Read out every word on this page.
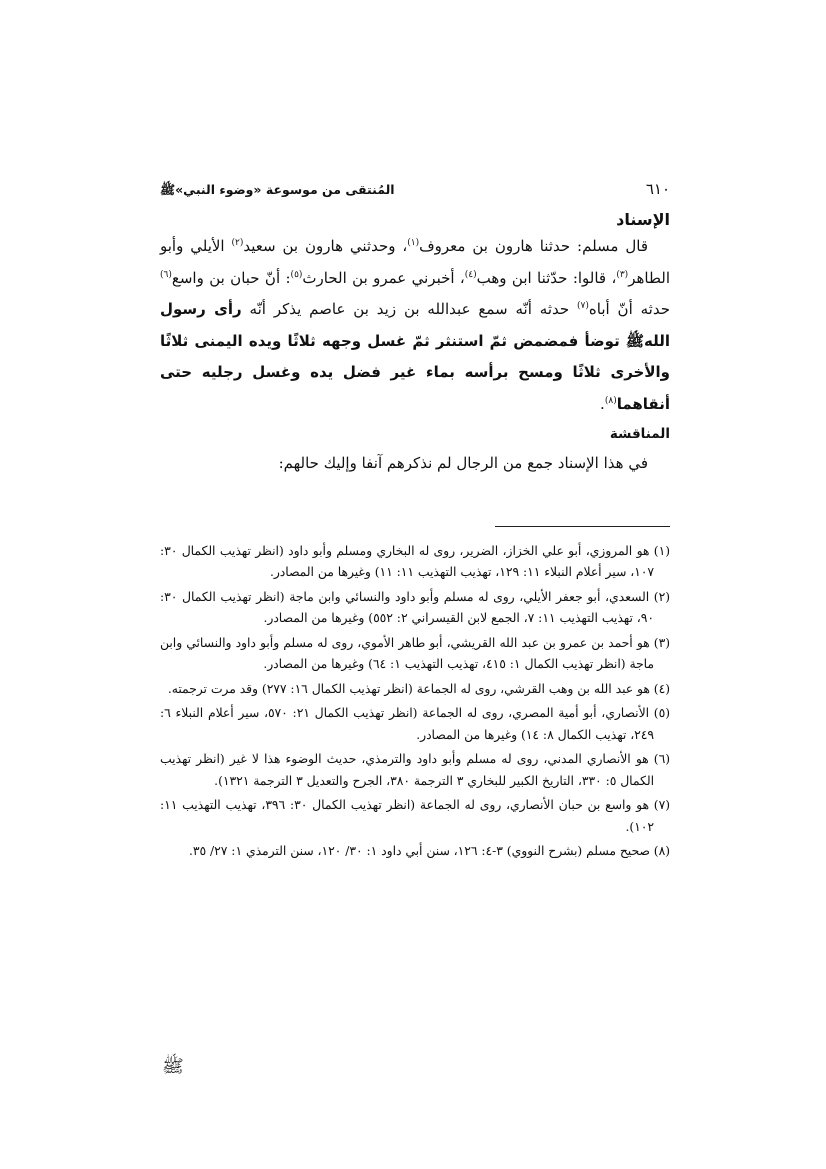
٦١٠
المُنتقى من موسوعة «وضوء النبي»ﷺ
الإسناد

قال مسلم: حدثنا هارون بن معروف$^{(١)}$، وحدثني هارون بن سعيد$^{(٢)}$ الأيلي وأبو الطاهر$^{(٣)}$، قالوا: حدّثنا ابن وهب$^{(٤)}$، أخبرني عمرو بن الحارث$^{(٥)}$: أنّ حبان بن واسع$^{(٦)}$ حدثه أنّ أباه$^{(٧)}$ حدثه أنّه سمع عبدالله بن زيد بن عاصم يذكر أنّه رأى رسول اللهﷺ توضأ فمضمض ثمّ استنثر ثمّ غسل وجهه ثلاثًا ويده اليمنى ثلاثًا والأخرى ثلاثًا ومسح برأسه بماء غير فضل يده وغسل رجليه حتى أنقاهما$^{(٨)}$.

المناقشة

في هذا الإسناد جمع من الرجال لم نذكرهم آنفا وإليك حالهم:

(١) هو المروزي، أبو علي الخزاز، الضرير، روى له البخاري ومسلم وأبو داود (انظر تهذيب الكمال ٣٠: ١٠٧، سير أعلام النبلاء ١١: ١٢٩، تهذيب التهذيب ١١: ١١) وغيرها من المصادر.

(٢) السعدي، أبو جعفر الأيلي، روى له مسلم وأبو داود والنسائي وابن ماجة (انظر تهذيب الكمال ٣٠: ٩٠، تهذيب التهذيب ١١: ٧، الجمع لابن القيسراني ٢: ٥٥٢) وغيرها من المصادر.

(٣) هو أحمد بن عمرو بن عبد الله القريشي، أبو طاهر الأموي، روى له مسلم وأبو داود والنسائي وابن ماجة (انظر تهذيب الكمال ١: ٤١٥، تهذيب التهذيب ١: ٦٤) وغيرها من المصادر.

(٤) هو عبد الله بن وهب القرشي، روى له الجماعة (انظر تهذيب الكمال ١٦: ٢٧٧) وقد مرت ترجمته.

(٥) الأنصاري، أبو أمية المصري، روى له الجماعة (انظر تهذيب الكمال ٢١: ٥٧٠، سير أعلام النبلاء ٦: ٢٤٩، تهذيب الكمال ٨: ١٤) وغيرها من المصادر.

(٦) هو الأنصاري المدني، روى له مسلم وأبو داود والترمذي، حديث الوضوء هذا لا غير (انظر تهذيب الكمال ٥: ٣٣٠، التاريخ الكبير للبخاري ٣ الترجمة ٣٨٠، الجرح والتعديل ٣ الترجمة ١٣٢١).

(٧) هو واسع بن حبان الأنصاري، روى له الجماعة (انظر تهذيب الكمال ٣٠: ٣٩٦، تهذيب التهذيب ١١: ١٠٢).

(٨) صحيح مسلم (بشرح النووي) ٣-٤: ١٢٦، سنن أبي داود ١: ٣٠/ ١٢٠، سنن الترمذي ١: ٢٧/ ٣٥.

ﷺ
